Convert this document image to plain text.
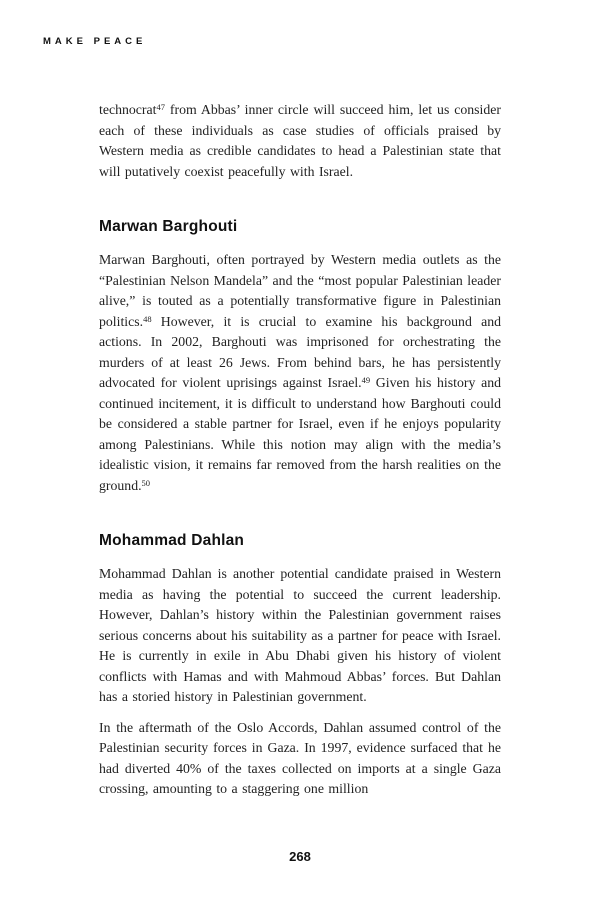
MAKE PEACE

technocrat$^{47}$ from Abbas’ inner circle will succeed him, let us consider each of these individuals as case studies of officials praised by Western media as credible candidates to head a Palestinian state that will putatively coexist peacefully with Israel.

Marwan Barghouti

Marwan Barghouti, often portrayed by Western media outlets as the “Palestinian Nelson Mandela” and the “most popular Palestinian leader alive,” is touted as a potentially transformative figure in Palestinian politics.$^{48}$ However, it is crucial to examine his background and actions. In 2002, Barghouti was imprisoned for orchestrating the murders of at least 26 Jews. From behind bars, he has persistently advocated for violent uprisings against Israel.$^{49}$ Given his history and continued incitement, it is difficult to understand how Barghouti could be considered a stable partner for Israel, even if he enjoys popularity among Palestinians. While this notion may align with the media’s idealistic vision, it remains far removed from the harsh realities on the ground.$^{50}$

Mohammad Dahlan

Mohammad Dahlan is another potential candidate praised in Western media as having the potential to succeed the current leadership. However, Dahlan’s history within the Palestinian government raises serious concerns about his suitability as a partner for peace with Israel. He is currently in exile in Abu Dhabi given his history of violent conflicts with Hamas and with Mahmoud Abbas’ forces. But Dahlan has a storied history in Palestinian government.

In the aftermath of the Oslo Accords, Dahlan assumed control of the Palestinian security forces in Gaza. In 1997, evidence surfaced that he had diverted 40% of the taxes collected on imports at a single Gaza crossing, amounting to a staggering one million

268
